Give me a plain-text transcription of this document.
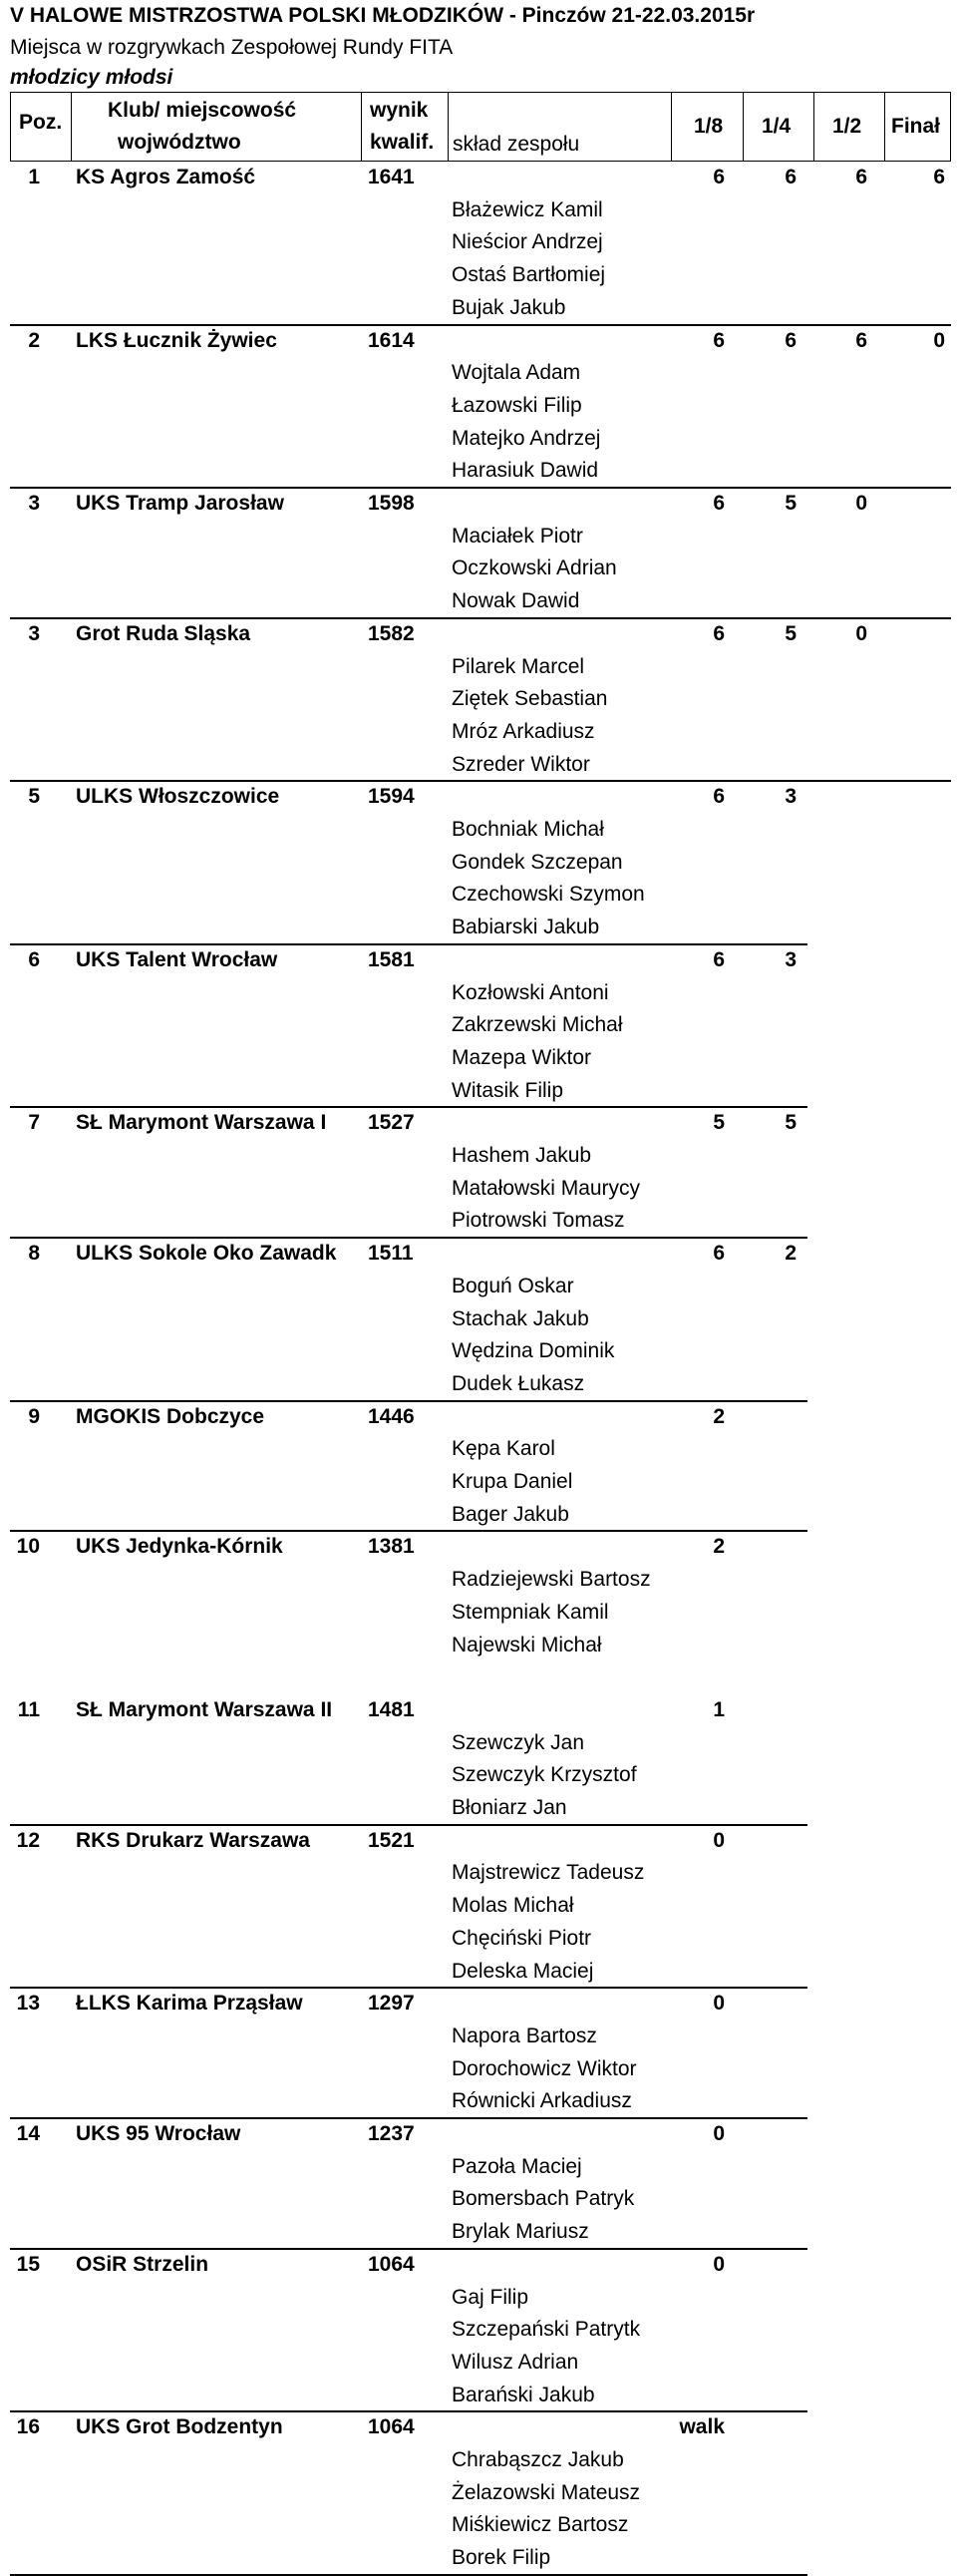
V HALOWE MISTRZOSTWA POLSKI MŁODZIKÓW - Pinczów 21-22.03.2015r
Miejsca w rozgrywkach Zespołowej Rundy FITA
młodzicy młodsi
Poz.
Klub/ miejscowość
wojwództwo
wynik
kwalif. skład zespołu
1/8 1/4 1/2 Finał
1 KS Agros Zamość	1641	6	6	6	6
Błażewicz Kamil
Nieścior Andrzej
Ostaś Bartłomiej
Bujak Jakub
2 LKS Łucznik Żywiec	1614	6	6	6	0
Wojtala Adam
Łazowski Filip
Matejko Andrzej
Harasiuk Dawid
3 UKS Tramp Jarosław	1598	6	5	0
Maciałek Piotr
Oczkowski Adrian
Nowak Dawid
3 Grot Ruda Sląska	1582	6	5	0
Pilarek Marcel
Ziętek Sebastian
Mróz Arkadiusz
Szreder Wiktor
5 ULKS Włoszczowice	1594	6	3
Bochniak Michał
Gondek Szczepan
Czechowski Szymon
Babiarski Jakub
6 UKS Talent Wrocław	1581	6	3
Kozłowski Antoni
Zakrzewski Michał
Mazepa Wiktor
Witasik Filip
7 SŁ Marymont Warszawa I 1527	5	5
Hashem Jakub
Matałowski Maurycy
Piotrowski Tomasz
8 ULKS Sokole Oko Zawadk 1511	6	2
Boguń Oskar
Stachak Jakub
Wędzina Dominik
Dudek Łukasz
9 MGOKIS Dobczyce	1446	2
Kępa Karol
Krupa Daniel
Bager Jakub
10 UKS Jedynka-Kórnik	1381	2
Radziejewski Bartosz
Stempniak Kamil
Najewski Michał
11 SŁ Marymont Warszawa II 1481	1
Szewczyk Jan
Szewczyk Krzysztof
Błoniarz Jan
12 RKS Drukarz Warszawa	1521	0
Majstrewicz Tadeusz
Molas Michał
Chęciński Piotr
Deleska Maciej
13 ŁLKS Karima Prząsław	1297	0
Napora Bartosz
Dorochowicz Wiktor
Równicki Arkadiusz
14 UKS 95 Wrocław	1237	0
Pazoła Maciej
Bomersbach Patryk
Brylak Mariusz
15 OSiR Strzelin	1064	0
Gaj Filip
Szczepański Patrytk
Wilusz Adrian
Barański Jakub
16 UKS Grot Bodzentyn	1064	walk
Chrabąszcz Jakub
Żelazowski Mateusz
Miśkiewicz Bartosz
Borek Filip
